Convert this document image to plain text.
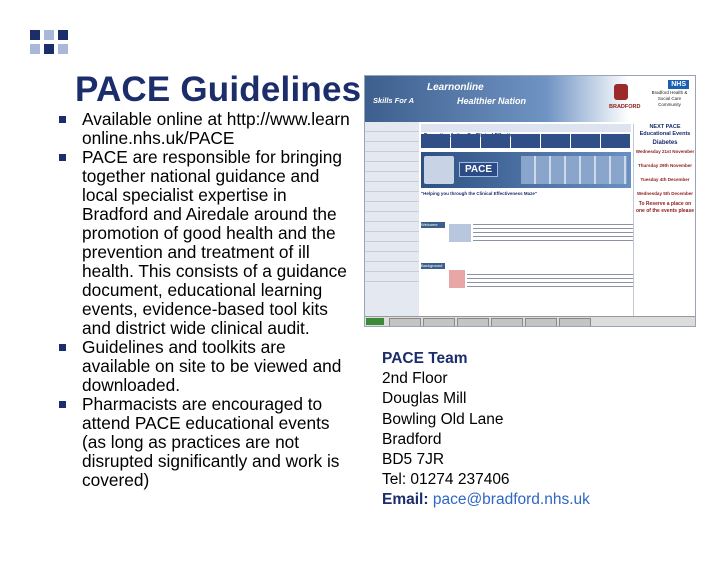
PACE Guidelines
Available online at http://www.learnonline.nhs.uk/PACE
PACE are responsible for bringing together national guidance and local specialist expertise in Bradford and Airedale around the promotion of good health and the prevention and treatment of ill health. This consists of a guidance document, educational learning events, evidence-based tool kits and district wide clinical audit.
Guidelines and toolkits are available on site to be viewed and downloaded.
Pharmacists are encouraged to attend PACE educational events (as long as practices are not disrupted significantly and work is covered)
Learnonline
Skills For A	Healthier Nation
BRADFORD
NHS
Bradford Health & Social Care Community

PACE
"Helping you through the Clinical Effectiveness Maze"
Welcome
Background
NEXT PACE Educational Events
Diabetes
Wednesday 21st November

Thursday 29th November

Tuesday 4th December

Wednesday 5th December
To Reserve a place on one of the events please
PACE Team
2nd Floor
Douglas Mill
Bowling Old Lane
Bradford
BD5 7JR
Tel: 01274 237406
Email: pace@bradford.nhs.uk
